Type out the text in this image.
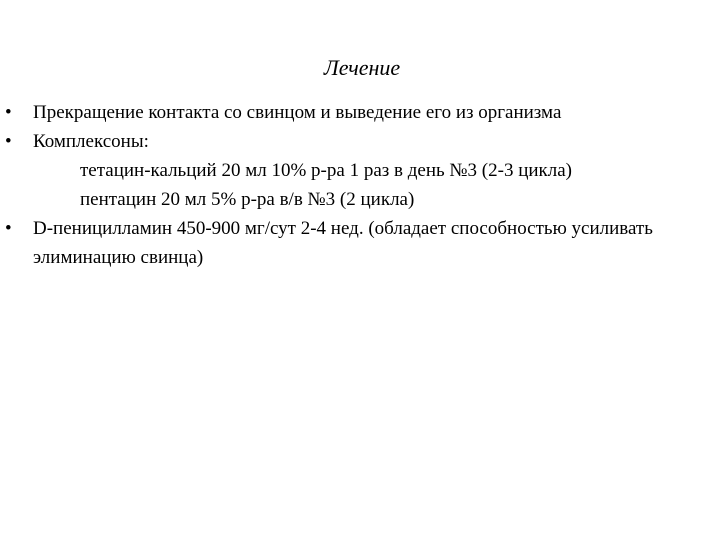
Лечение
•	Прекращение контакта со свинцом и выведение его из организма
•	Комплексоны:
тетацин-кальций 20 мл 10% р-ра 1 раз в день №3 (2-3 цикла)
пентацин 20 мл 5% р-ра в/в №3 (2 цикла)
•	D-пеницилламин 450-900 мг/сут 2-4 нед. (обладает способностью усиливать элиминацию свинца)
